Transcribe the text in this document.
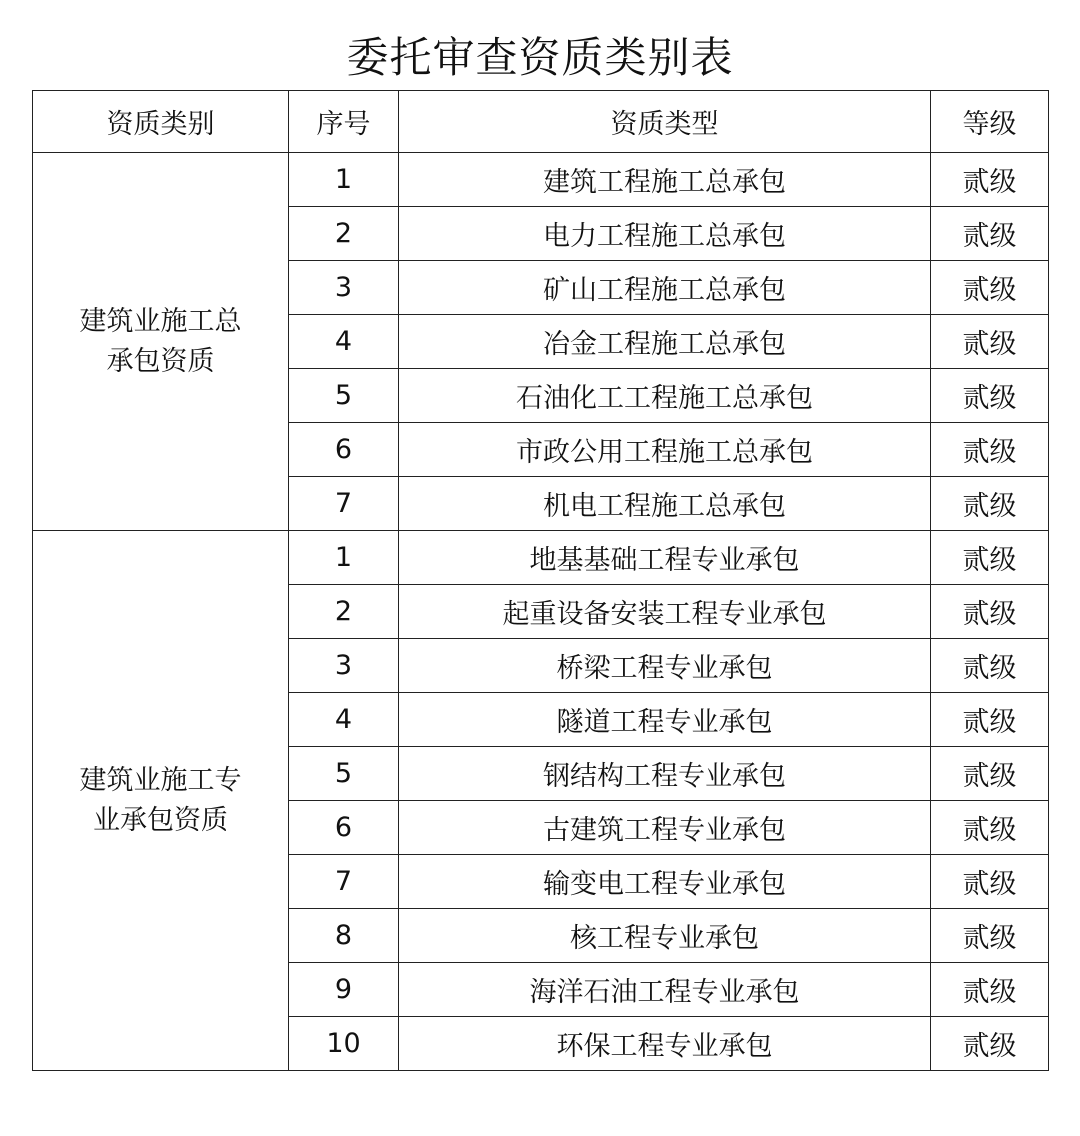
委托审查资质类别表
资质类别	序号	资质类型	等级
建筑业施工总承包资质	1	建筑工程施工总承包	贰级
	2	电力工程施工总承包	贰级
	3	矿山工程施工总承包	贰级
	4	冶金工程施工总承包	贰级
	5	石油化工工程施工总承包	贰级
	6	市政公用工程施工总承包	贰级
	7	机电工程施工总承包	贰级
建筑业施工专业承包资质	1	地基基础工程专业承包	贰级
	2	起重设备安装工程专业承包	贰级
	3	桥梁工程专业承包	贰级
	4	隧道工程专业承包	贰级
	5	钢结构工程专业承包	贰级
	6	古建筑工程专业承包	贰级
	7	输变电工程专业承包	贰级
	8	核工程专业承包	贰级
	9	海洋石油工程专业承包	贰级
	10	环保工程专业承包	贰级
